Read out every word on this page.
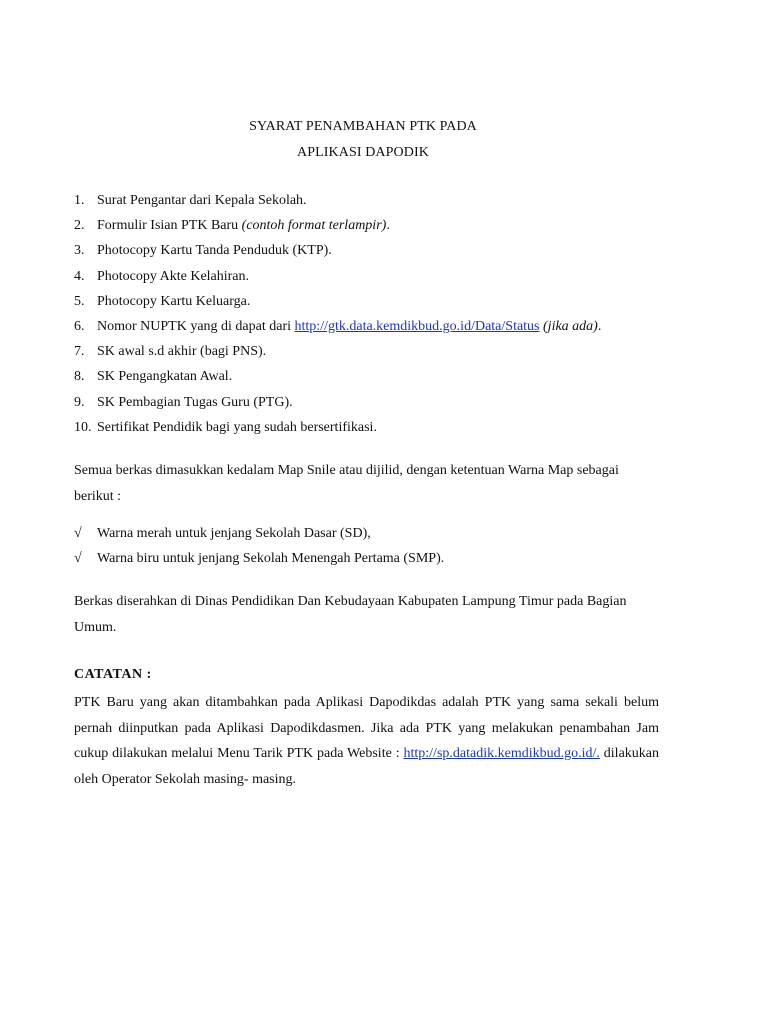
SYARAT PENAMBAHAN PTK PADA
APLIKASI DAPODIK
1. Surat Pengantar dari Kepala Sekolah.
2. Formulir Isian PTK Baru (contoh format terlampir).
3. Photocopy Kartu Tanda Penduduk (KTP).
4. Photocopy Akte Kelahiran.
5. Photocopy Kartu Keluarga.
6. Nomor NUPTK yang di dapat dari http://gtk.data.kemdikbud.go.id/Data/Status (jika ada).
7. SK awal s.d akhir (bagi PNS).
8. SK Pengangkatan Awal.
9. SK Pembagian Tugas Guru (PTG).
10. Sertifikat Pendidik bagi yang sudah bersertifikasi.
Semua berkas dimasukkan kedalam Map Snile atau dijilid, dengan ketentuan Warna Map sebagai berikut :
√ Warna merah untuk jenjang Sekolah Dasar (SD),
√ Warna biru untuk jenjang Sekolah Menengah Pertama (SMP).
Berkas diserahkan di Dinas Pendidikan Dan Kebudayaan Kabupaten Lampung Timur pada Bagian Umum.
CATATAN :
PTK Baru yang akan ditambahkan pada Aplikasi Dapodikdas adalah PTK yang sama sekali belum pernah diinputkan pada Aplikasi Dapodikdasmen. Jika ada PTK yang melakukan penambahan Jam cukup dilakukan melalui Menu Tarik PTK pada Website : http://sp.datadik.kemdikbud.go.id/. dilakukan oleh Operator Sekolah masing- masing.
